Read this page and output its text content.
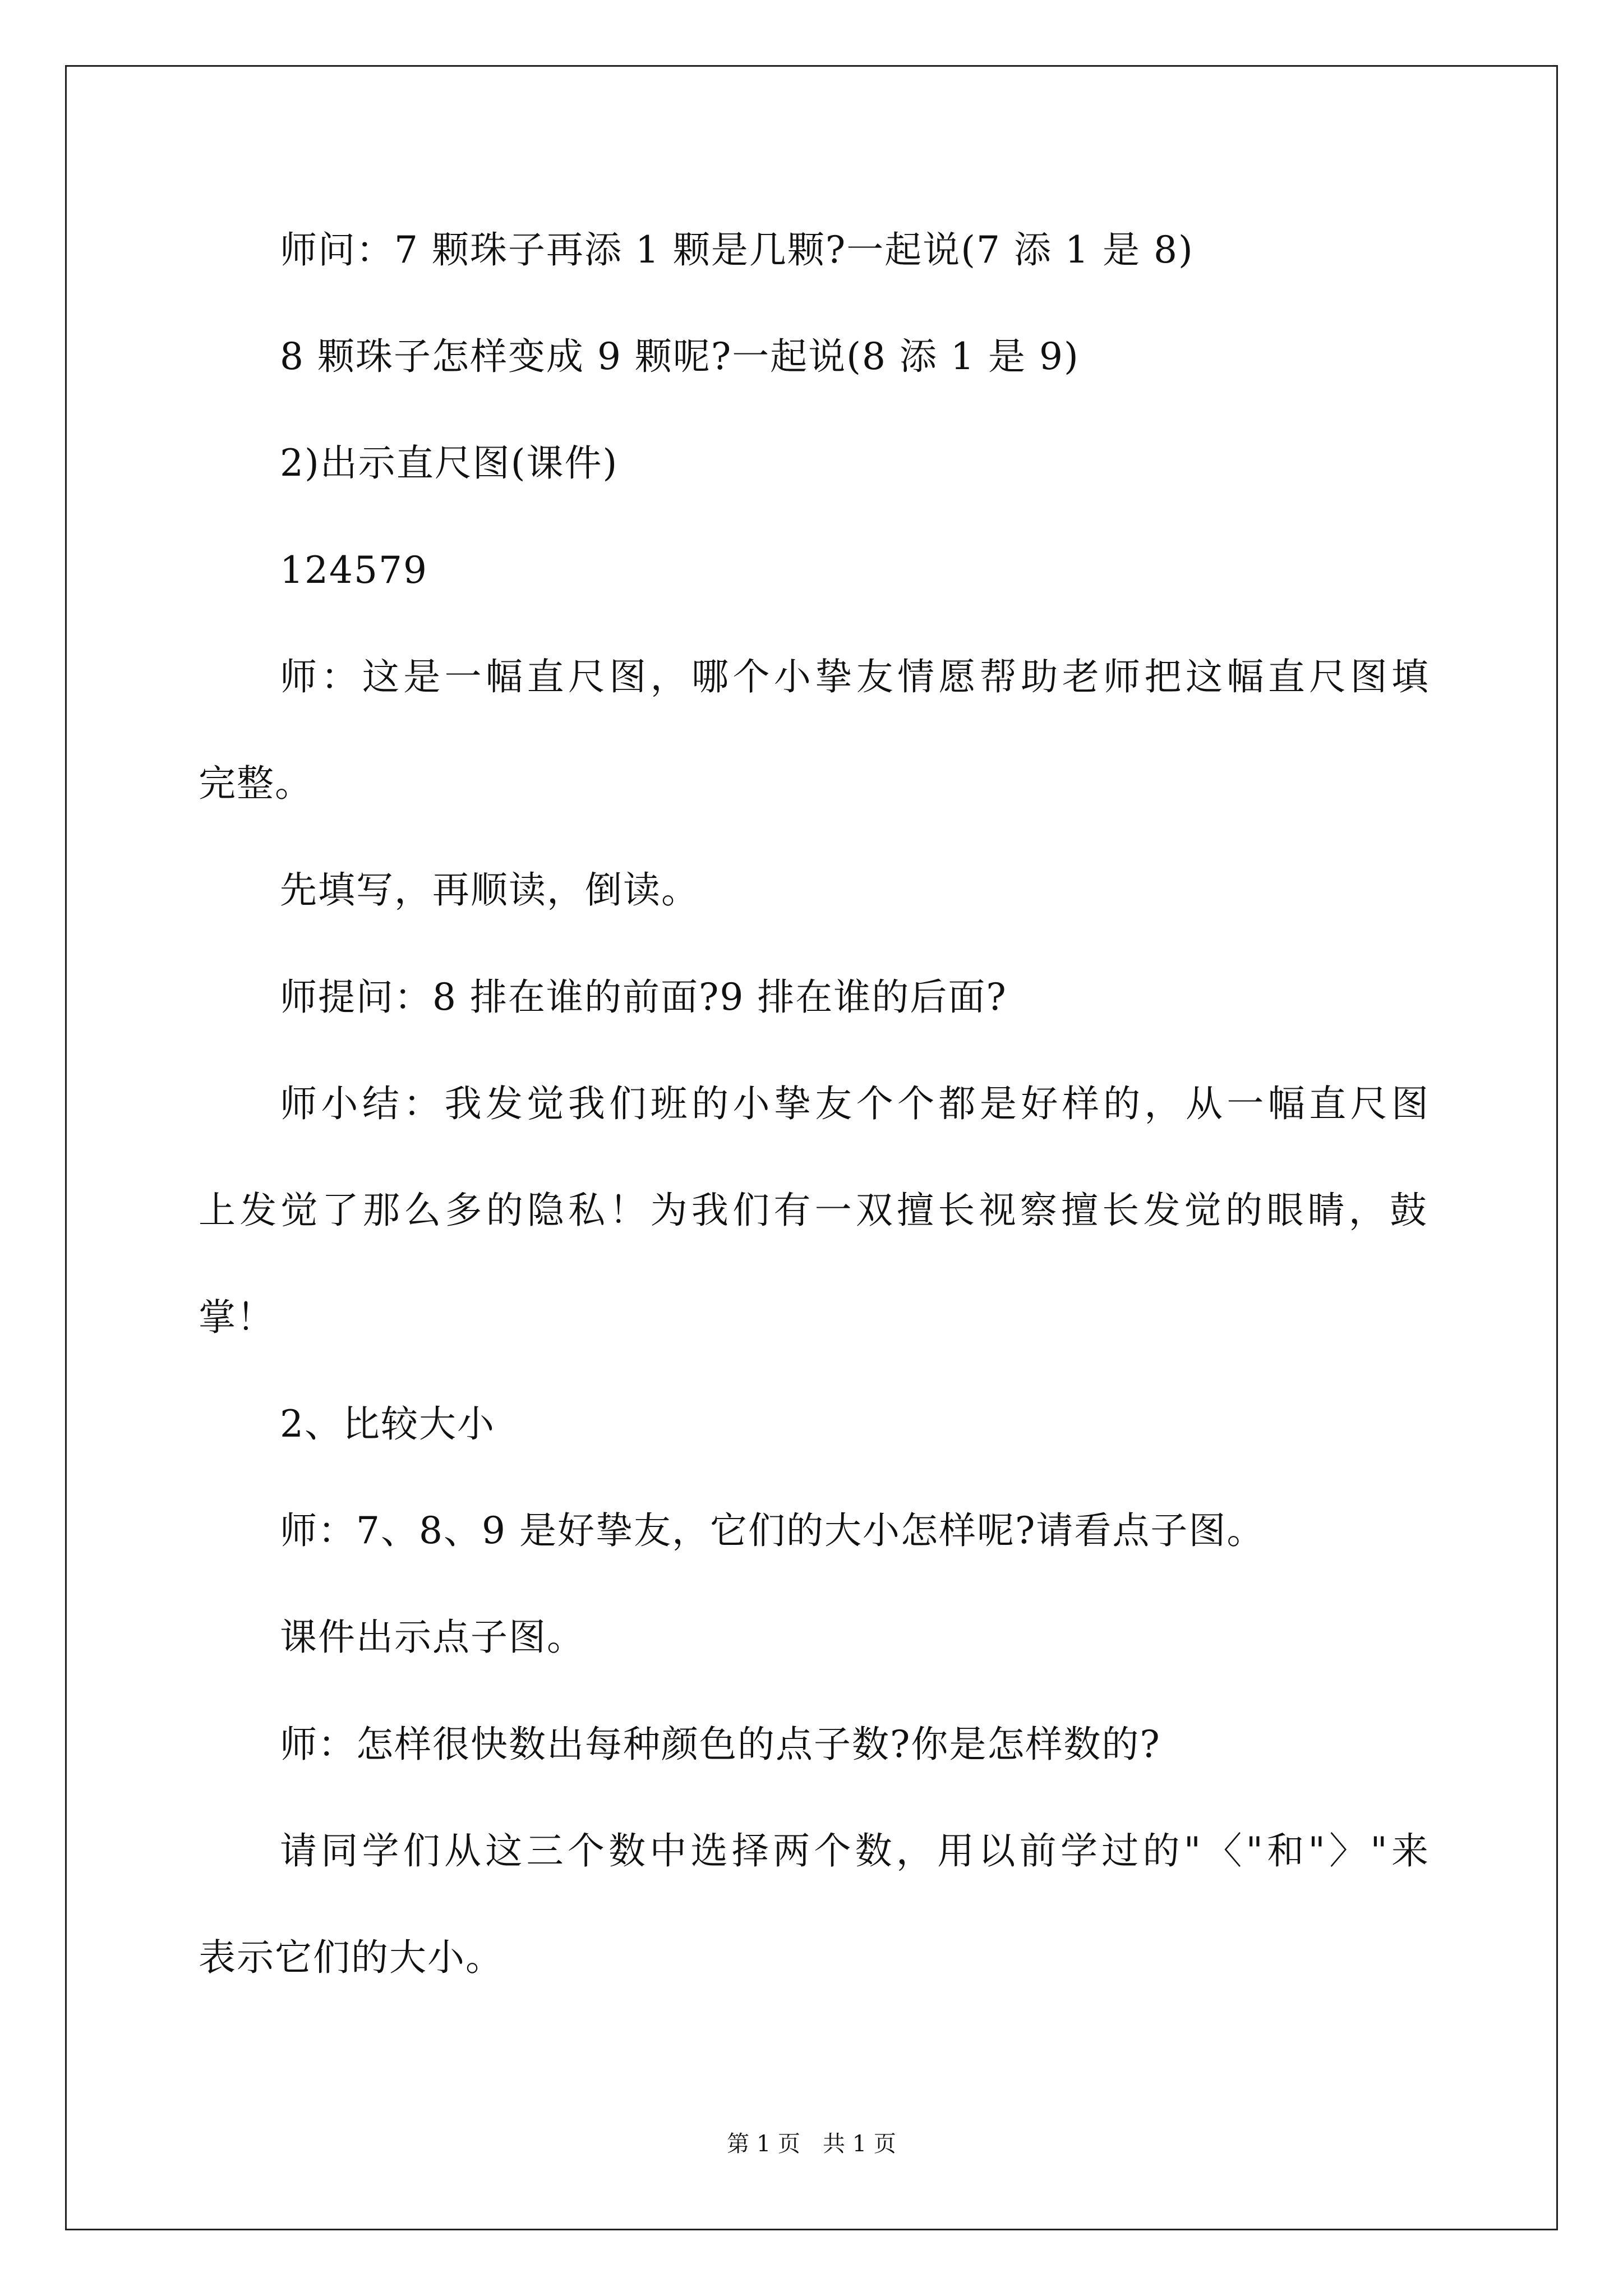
师问：7 颗珠子再添 1 颗是几颗?一起说(7 添 1 是 8)
8 颗珠子怎样变成 9 颗呢?一起说(8 添 1 是 9)
2)出示直尺图(课件)
124579
师：这是一幅直尺图，哪个小挚友情愿帮助老师把这幅直尺图填
完整。
先填写，再顺读，倒读。
师提问：8 排在谁的前面?9 排在谁的后面?
师小结：我发觉我们班的小挚友个个都是好样的，从一幅直尺图
上发觉了那么多的隐私！为我们有一双擅长视察擅长发觉的眼睛，鼓
掌！
2、比较大小
师：7、8、9 是好挚友，它们的大小怎样呢?请看点子图。
课件出示点子图。
师：怎样很快数出每种颜色的点子数?你是怎样数的?
请同学们从这三个数中选择两个数，用以前学过的"〈"和"〉"来
表示它们的大小。
第 1 页　共 1 页
